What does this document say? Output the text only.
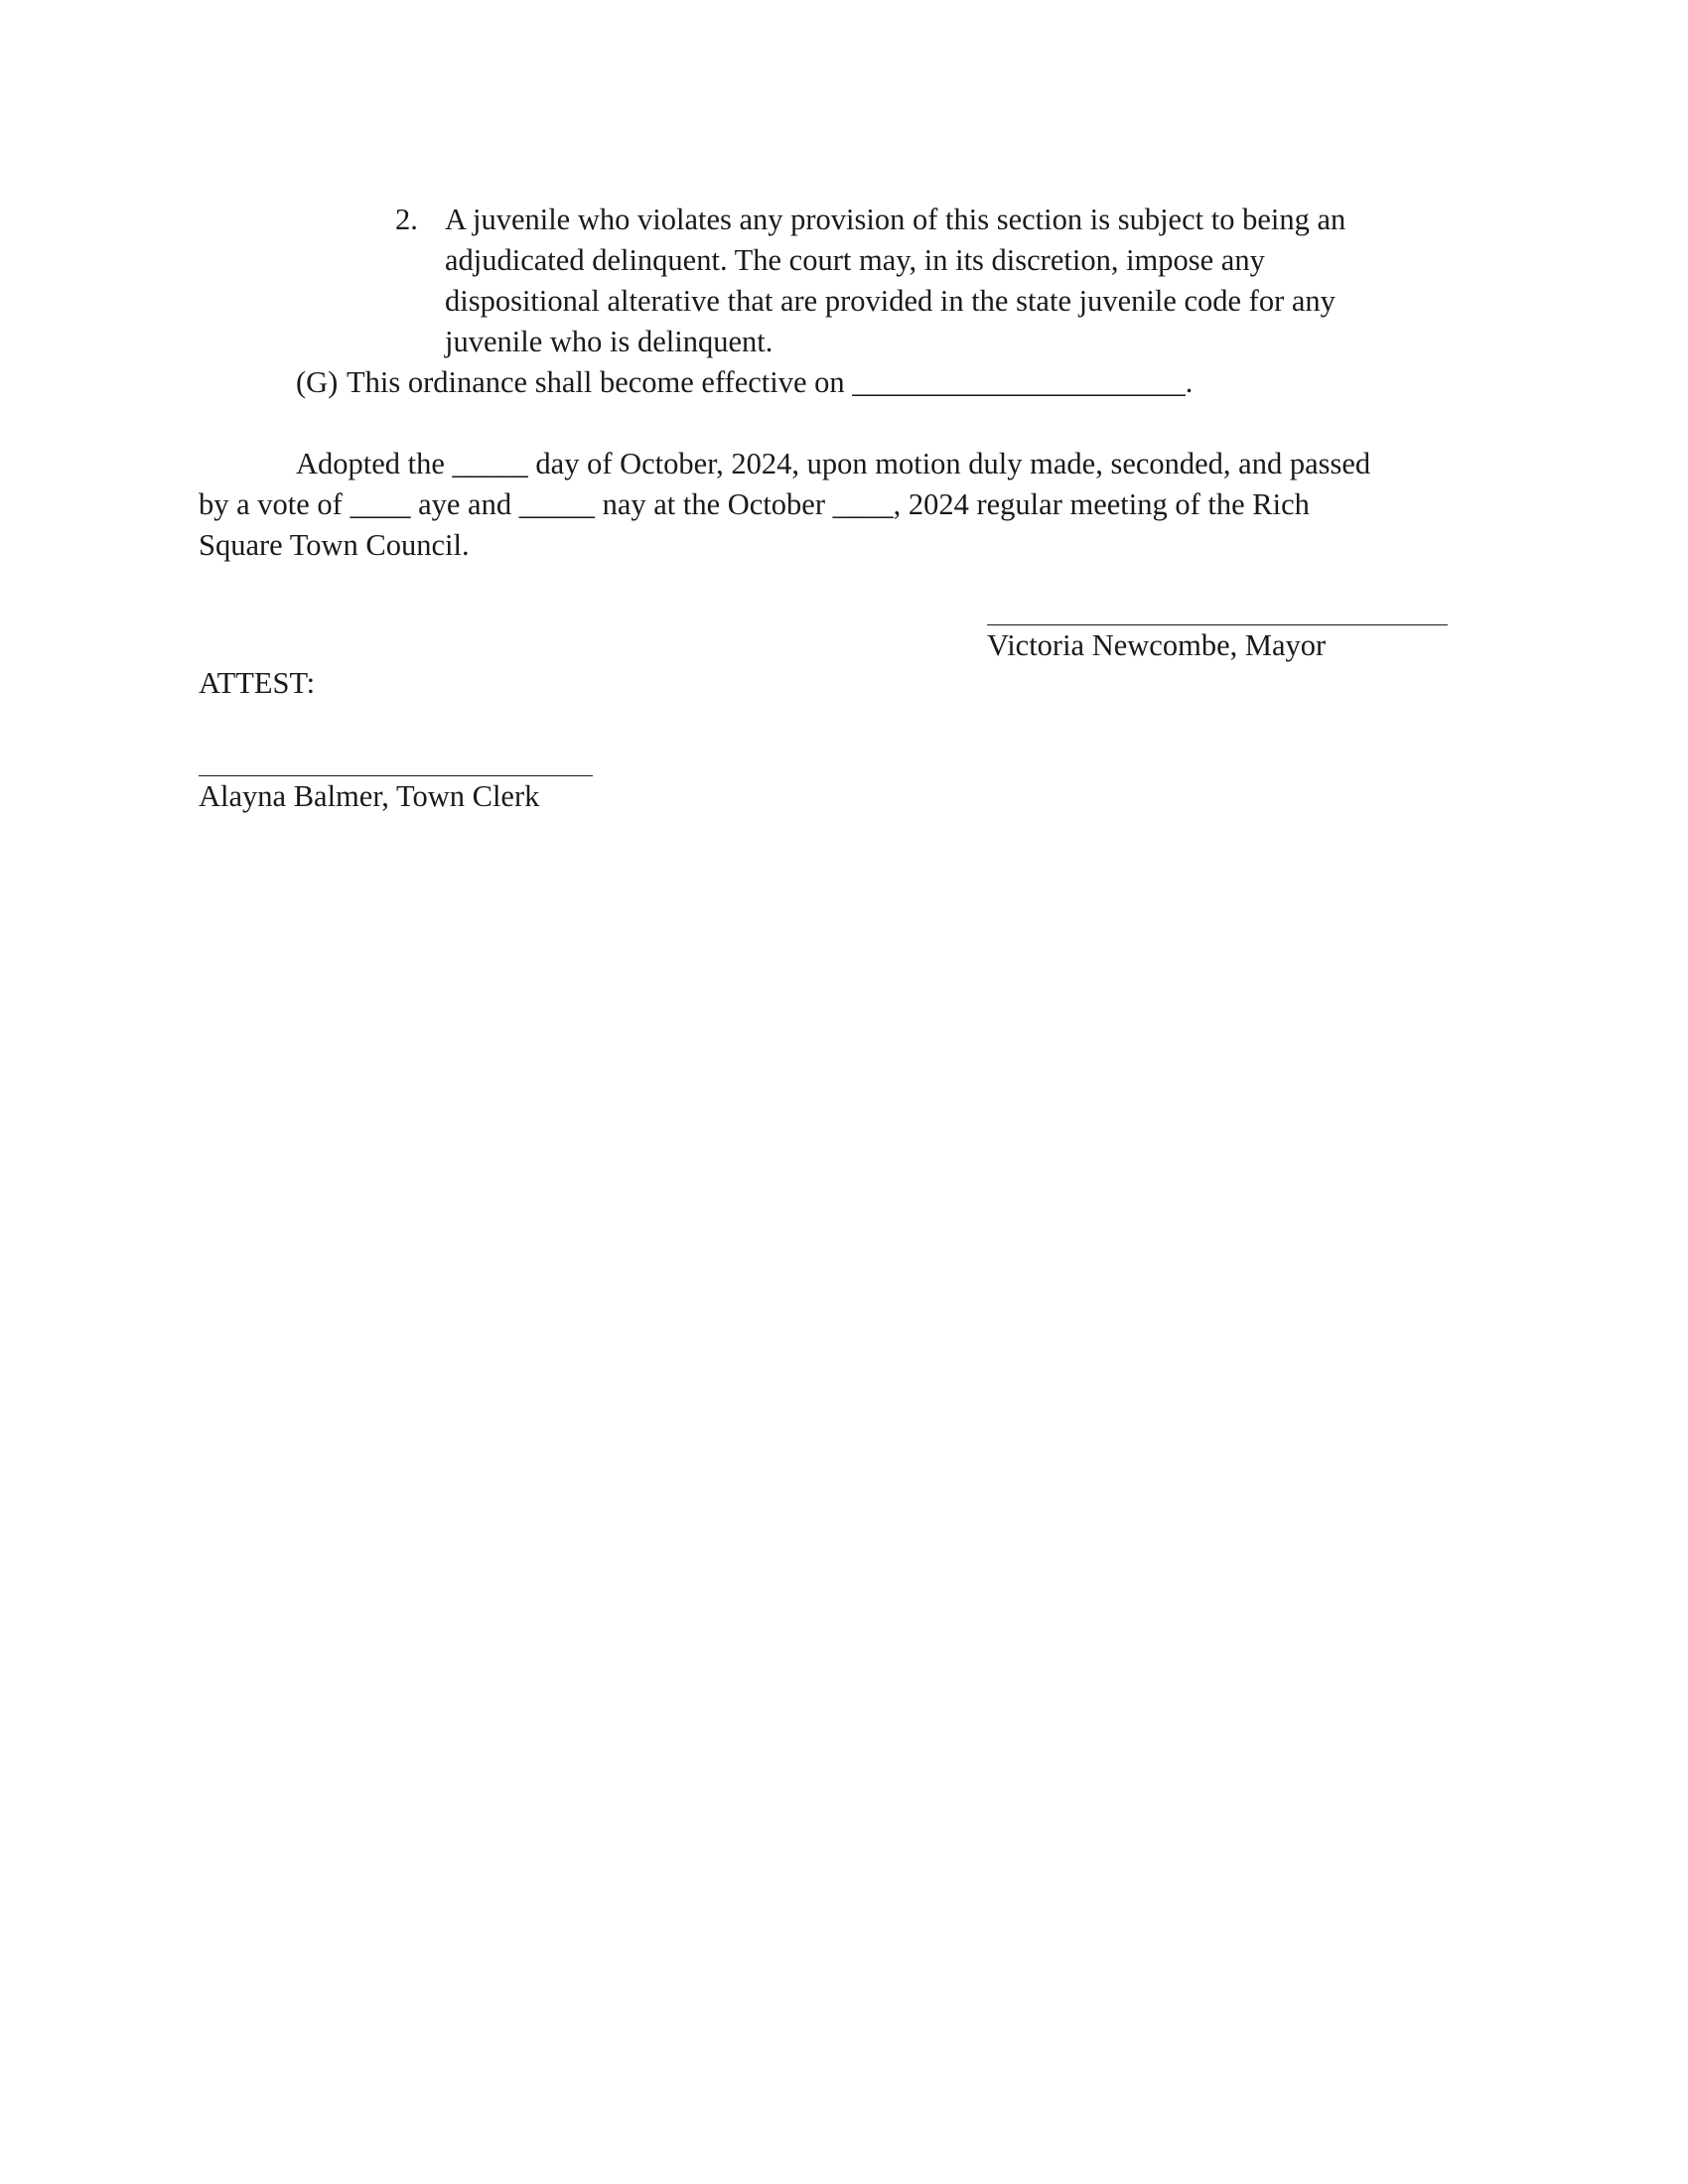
2. A juvenile who violates any provision of this section is subject to being an
adjudicated delinquent. The court may, in its discretion, impose any
dispositional alterative that are provided in the state juvenile code for any
juvenile who is delinquent.
(G) This ordinance shall become effective on ______________________.
Adopted the _____ day of October, 2024, upon motion duly made, seconded, and passed
by a vote of ____ aye and _____ nay at the October ____, 2024 regular meeting of the Rich
Square Town Council.
Victoria Newcombe, Mayor
ATTEST:
Alayna Balmer, Town Clerk
